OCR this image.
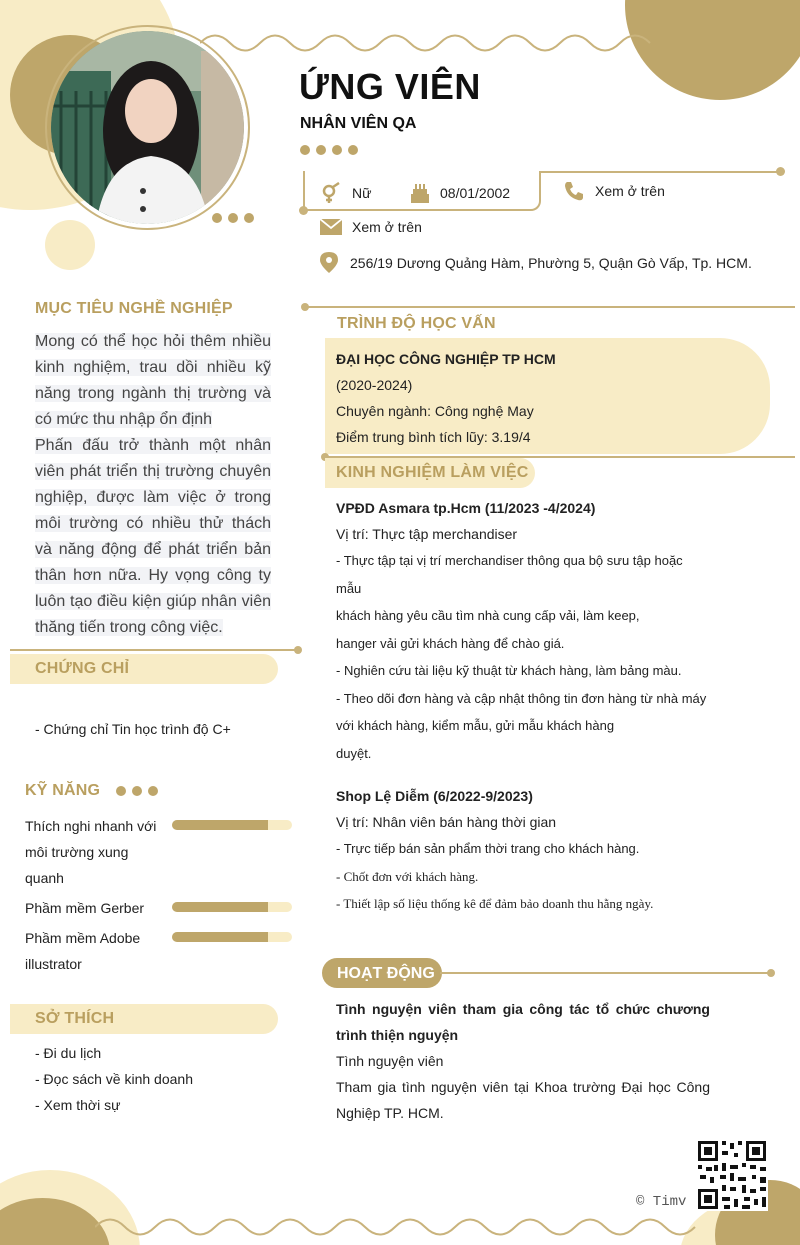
ỨNG VIÊN
NHÂN VIÊN QA
Nữ	08/01/2002	Xem ở trên
Xem ở trên
256/19 Dương Quảng Hàm, Phường 5, Quận Gò Vấp, Tp. HCM.
MỤC TIÊU NGHỀ NGHIỆP

Mong có thể học hỏi thêm nhiều kinh nghiệm, trau dồi nhiều kỹ năng trong ngành thị trường và có mức thu nhập ổn định

Phấn đấu trở thành một nhân viên phát triển thị trường chuyên nghiệp, được làm việc ở trong môi trường có nhiều thử thách và năng động để phát triển bản thân hơn nữa. Hy vọng công ty luôn tạo điều kiện giúp nhân viên thăng tiến trong công việc.

CHỨNG CHỈ
- Chứng chỉ Tin học trình độ C+
KỸ NĂNG
Thích nghi nhanh với môi trường xung quanh
Phầm mềm Gerber
Phầm mềm Adobe illustrator
SỞ THÍCH
- Đi du lịch
- Đọc sách về kinh doanh
- Xem thời sự
TRÌNH ĐỘ HỌC VẤN
ĐẠI HỌC CÔNG NGHIỆP TP HCM
(2020-2024)
Chuyên ngành: Công nghệ May
Điểm trung bình tích lũy: 3.19/4
KINH NGHIỆM LÀM VIỆC
VPĐD Asmara tp.Hcm (11/2023 -4/2024)
Vị trí: Thực tập merchandiser
- Thực tập tại vị trí merchandiser thông qua bộ sưu tập hoặc mẫu
khách hàng yêu cầu tìm nhà cung cấp vải, làm keep,
hanger vải gửi khách hàng để chào giá.
- Nghiên cứu tài liệu kỹ thuật từ khách hàng, làm bảng màu.
- Theo dõi đơn hàng và cập nhật thông tin đơn hàng từ nhà máy
với khách hàng, kiểm mẫu, gửi mẫu khách hàng
duyệt.
Shop Lệ Diễm (6/2022-9/2023)
Vị trí: Nhân viên bán hàng thời gian
- Trực tiếp bán sản phẩm thời trang cho khách hàng.
- Chốt đơn với khách hàng.
- Thiết lập số liệu thống kê để đảm bảo doanh thu hằng ngày.
HOẠT ĐỘNG
Tình nguyện viên tham gia công tác tổ chức chương trình thiện nguyện
Tình nguyện viên
Tham gia tình nguyện viên tại Khoa trường Đại học Công Nghiệp TP. HCM.
© Timv
